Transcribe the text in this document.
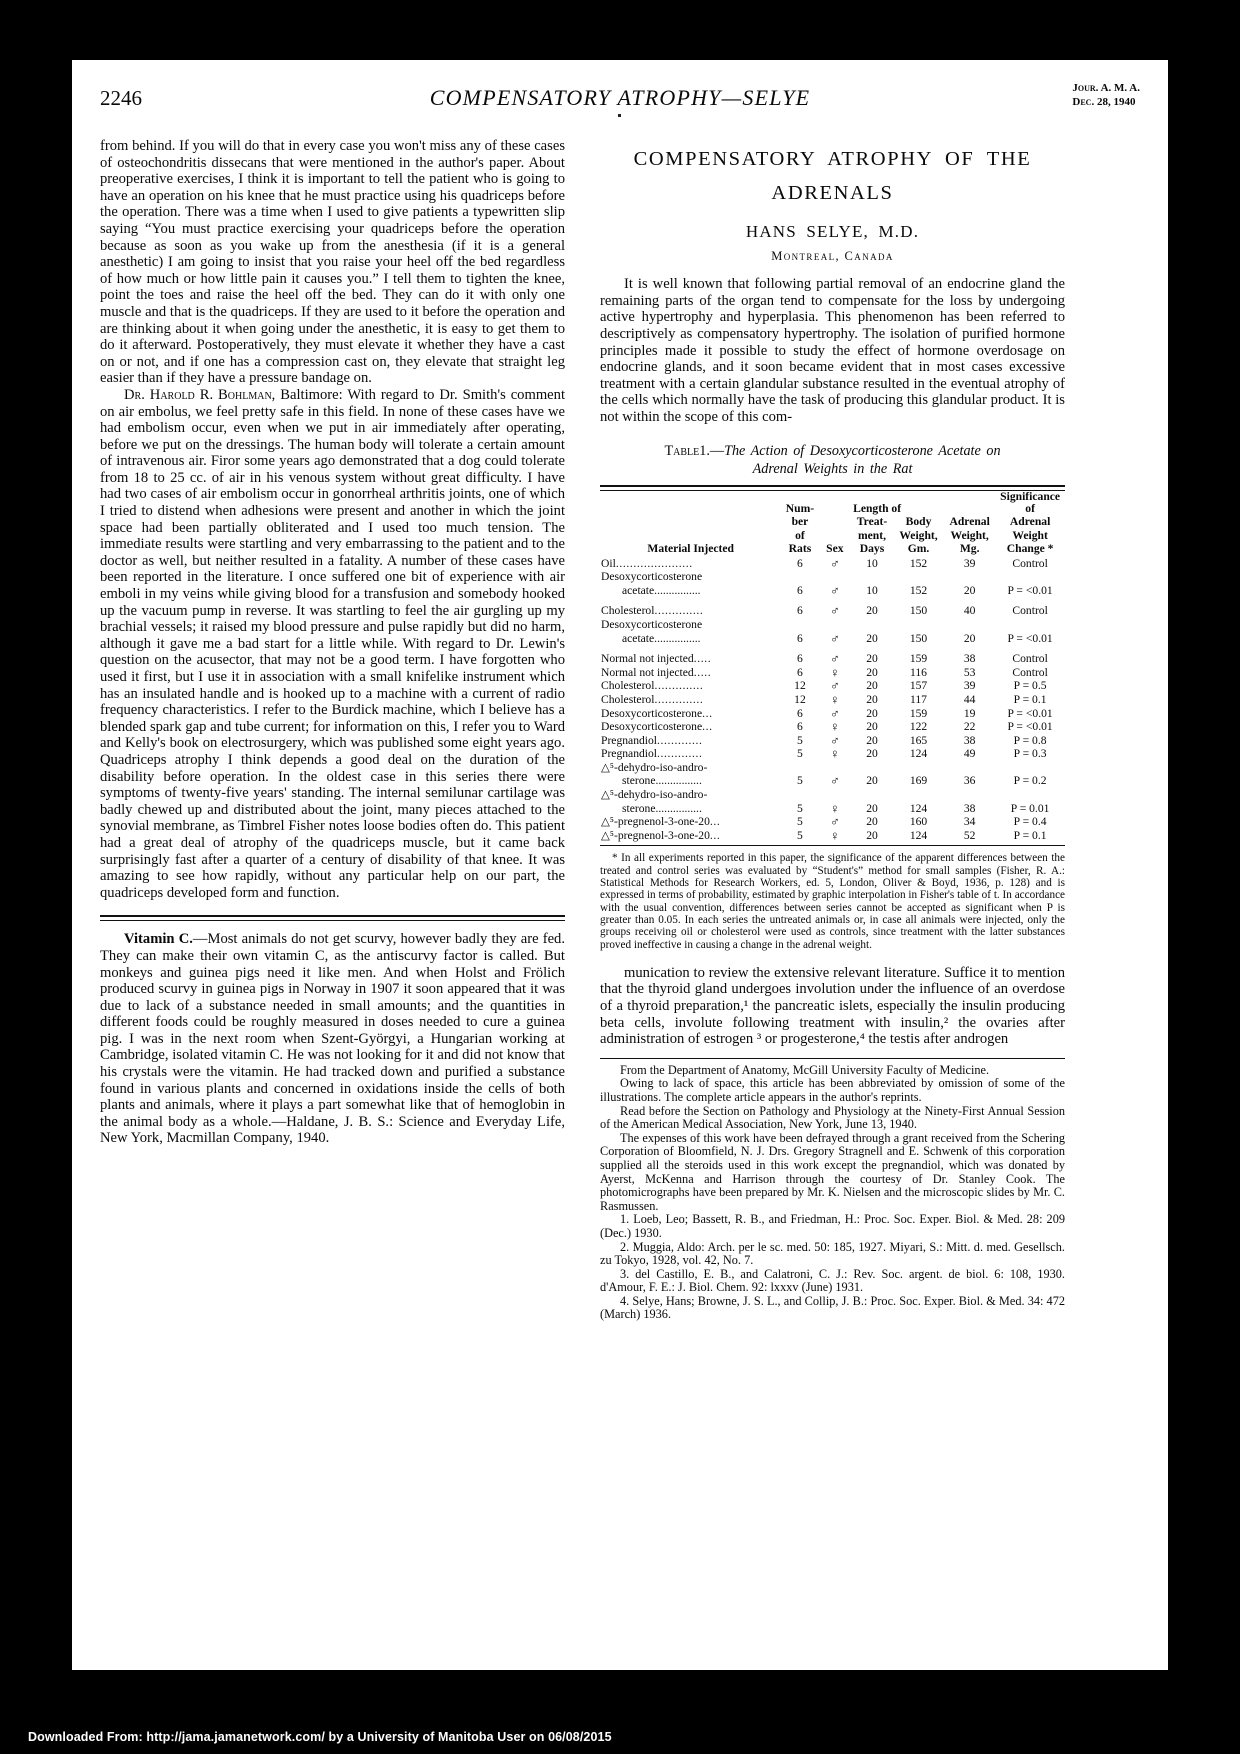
2246	COMPENSATORY ATROPHY—SELYE	Jour. A. M. A.
Dec. 28, 1940

from behind. If you will do that in every case you won't miss any of these cases of osteochondritis dissecans that were mentioned in the author's paper. About preoperative exercises, I think it is important to tell the patient who is going to have an operation on his knee that he must practice using his quadriceps before the operation. There was a time when I used to give patients a typewritten slip saying “You must practice exercising your quadriceps before the operation because as soon as you wake up from the anesthesia (if it is a general anesthetic) I am going to insist that you raise your heel off the bed regardless of how much or how little pain it causes you.” I tell them to tighten the knee, point the toes and raise the heel off the bed. They can do it with only one muscle and that is the quadriceps. If they are used to it before the operation and are thinking about it when going under the anesthetic, it is easy to get them to do it afterward. Postoperatively, they must elevate it whether they have a cast on or not, and if one has a compression cast on, they elevate that straight leg easier than if they have a pressure bandage on.

Dr. Harold R. Bohlman, Baltimore: With regard to Dr. Smith's comment on air embolus, we feel pretty safe in this field. In none of these cases have we had embolism occur, even when we put in air immediately after operating, before we put on the dressings. The human body will tolerate a certain amount of intravenous air. Firor some years ago demonstrated that a dog could tolerate from 18 to 25 cc. of air in his venous system without great difficulty. I have had two cases of air embolism occur in gonorrheal arthritis joints, one of which I tried to distend when adhesions were present and another in which the joint space had been partially obliterated and I used too much tension. The immediate results were startling and very embarrassing to the patient and to the doctor as well, but neither resulted in a fatality. A number of these cases have been reported in the literature. I once suffered one bit of experience with air emboli in my veins while giving blood for a transfusion and somebody hooked up the vacuum pump in reverse. It was startling to feel the air gurgling up my brachial vessels; it raised my blood pressure and pulse rapidly but did no harm, although it gave me a bad start for a little while. With regard to Dr. Lewin's question on the acusector, that may not be a good term. I have forgotten who used it first, but I use it in association with a small knifelike instrument which has an insulated handle and is hooked up to a machine with a current of radio frequency characteristics. I refer to the Burdick machine, which I believe has a blended spark gap and tube current; for information on this, I refer you to Ward and Kelly's book on electrosurgery, which was published some eight years ago. Quadriceps atrophy I think depends a good deal on the duration of the disability before operation. In the oldest case in this series there were symptoms of twenty-five years' standing. The internal semilunar cartilage was badly chewed up and distributed about the joint, many pieces attached to the synovial membrane, as Timbrel Fisher notes loose bodies often do. This patient had a great deal of atrophy of the quadriceps muscle, but it came back surprisingly fast after a quarter of a century of disability of that knee. It was amazing to see how rapidly, without any particular help on our part, the quadriceps developed form and function.

Vitamin C.—Most animals do not get scurvy, however badly they are fed. They can make their own vitamin C, as the antiscurvy factor is called. But monkeys and guinea pigs need it like men. And when Holst and Frölich produced scurvy in guinea pigs in Norway in 1907 it soon appeared that it was due to lack of a substance needed in small amounts; and the quantities in different foods could be roughly measured in doses needed to cure a guinea pig. I was in the next room when Szent-Györgyi, a Hungarian working at Cambridge, isolated vitamin C. He was not looking for it and did not know that his crystals were the vitamin. He had tracked down and purified a substance found in various plants and concerned in oxidations inside the cells of both plants and animals, where it plays a part somewhat like that of hemoglobin in the animal body as a whole.—Haldane, J. B. S.: Science and Everyday Life, New York, Macmillan Company, 1940.

COMPENSATORY ATROPHY OF THE
ADRENALS
HANS SELYE, M.D.
Montreal, Canada

It is well known that following partial removal of an endocrine gland the remaining parts of the organ tend to compensate for the loss by undergoing active hypertrophy and hyperplasia. This phenomenon has been referred to descriptively as compensatory hypertrophy. The isolation of purified hormone principles made it possible to study the effect of hormone overdosage on endocrine glands, and it soon became evident that in most cases excessive treatment with a certain glandular substance resulted in the eventual atrophy of the cells which normally have the task of producing this glandular product. It is not within the scope of this com-

Table1.—The Action of Desoxycorticosterone Acetate on
Adrenal Weights in the Rat
	Num-		Length of			Significance of
	ber		Treat-	Body	Adrenal	Adrenal
	of		ment,	Weight,	Weight,	Weight
Material Injected	Rats	Sex	Days	Gm.	Mg.	Change *
Oil......................	6	♂	10	152	39	Control
Desoxycorticosterone						
acetate................	6	♂	10	152	20	P = <0.01
Cholesterol..............	6	♂	20	150	40	Control
Desoxycorticosterone						
acetate................	6	♂	20	150	20	P = <0.01
Normal not injected.....	6	♂	20	159	38	Control
Normal not injected.....	6	♀	20	116	53	Control
Cholesterol..............	12	♂	20	157	39	P = 0.5
Cholesterol..............	12	♀	20	117	44	P = 0.1
Desoxycorticosterone...	6	♂	20	159	19	P = <0.01
Desoxycorticosterone...	6	♀	20	122	22	P = <0.01
Pregnandiol.............	5	♂	20	165	38	P = 0.8
Pregnandiol.............	5	♀	20	124	49	P = 0.3
△⁵-dehydro-iso-andro-						
sterone................	5	♂	20	169	36	P = 0.2
△⁵-dehydro-iso-andro-						
sterone................	5	♀	20	124	38	P = 0.01
△⁵-pregnenol-3-one-20...	5	♂	20	160	34	P = 0.4
△⁵-pregnenol-3-one-20...	5	♀	20	124	52	P = 0.1

* In all experiments reported in this paper, the significance of the apparent differences between the treated and control series was evaluated by “Student's” method for small samples (Fisher, R. A.: Statistical Methods for Research Workers, ed. 5, London, Oliver & Boyd, 1936, p. 128) and is expressed in terms of probability, estimated by graphic interpolation in Fisher's table of t. In accordance with the usual convention, differences between series cannot be accepted as significant when P is greater than 0.05. In each series the untreated animals or, in case all animals were injected, only the groups receiving oil or cholesterol were used as controls, since treatment with the latter substances proved ineffective in causing a change in the adrenal weight.

munication to review the extensive relevant literature. Suffice it to mention that the thyroid gland undergoes involution under the influence of an overdose of a thyroid preparation,¹ the pancreatic islets, especially the insulin producing beta cells, involute following treatment with insulin,² the ovaries after administration of estrogen ³ or progesterone,⁴ the testis after androgen

From the Department of Anatomy, McGill University Faculty of Medicine.

Owing to lack of space, this article has been abbreviated by omission of some of the illustrations. The complete article appears in the author's reprints.

Read before the Section on Pathology and Physiology at the Ninety-First Annual Session of the American Medical Association, New York, June 13, 1940.

The expenses of this work have been defrayed through a grant received from the Schering Corporation of Bloomfield, N. J. Drs. Gregory Stragnell and E. Schwenk of this corporation supplied all the steroids used in this work except the pregnandiol, which was donated by Ayerst, McKenna and Harrison through the courtesy of Dr. Stanley Cook. The photomicrographs have been prepared by Mr. K. Nielsen and the microscopic slides by Mr. C. Rasmussen.

1. Loeb, Leo; Bassett, R. B., and Friedman, H.: Proc. Soc. Exper. Biol. & Med. 28: 209 (Dec.) 1930.

2. Muggia, Aldo: Arch. per le sc. med. 50: 185, 1927. Miyari, S.: Mitt. d. med. Gesellsch. zu Tokyo, 1928, vol. 42, No. 7.

3. del Castillo, E. B., and Calatroni, C. J.: Rev. Soc. argent. de biol. 6: 108, 1930. d'Amour, F. E.: J. Biol. Chem. 92: lxxxv (June) 1931.

4. Selye, Hans; Browne, J. S. L., and Collip, J. B.: Proc. Soc. Exper. Biol. & Med. 34: 472 (March) 1936.

Downloaded From: http://jama.jamanetwork.com/ by a University of Manitoba User on 06/08/2015
